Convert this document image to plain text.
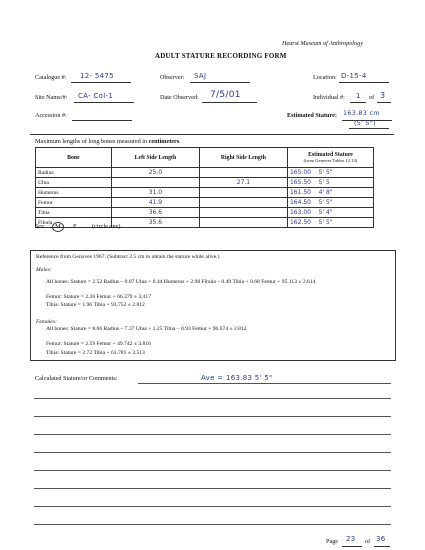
Hearst Museum of Anthropology
ADULT STATURE RECORDING FORM
Catalogue #: 12- 5475	Observer: SAJ	Location: D-15-4
Site Name/#: CA- Col-1	Date Observed: 7/5/01	Individual #: 1 of 3
Accession #:	Estimated Stature: 163.83 cm
(5' 5")
Maximum lengths of long bones measured in centimeters.
Bone	Left Side Length	Right Side Length	Estimated Stature
(from Genoves Tables 12,13)

Radius	25.0		165.00 5' 5"
Ulna		27.1	165.50 5' 5
Humerus	31.0		161.50 4' 8"
Femur	41.9		164.50 5' 5"
Tibia	36.6		163.00 5' 4"
Fibula	35.6		162.50 5' 5"
Sex: M F (circle one)
Reference from Genoves 1967. (Subtract 2.5 cm to obtain the stature while alive.)
Males:
All bones: Stature = 2.52 Radius – 0.07 Ulna + 0.44 Humerus + 2.98 Fibula – 0.49 Tibia + 0.68 Femur + 95.113 ± 2.614
Femur: Stature = 2.26 Femur + 66.379 ± 3.417
Tibia: Stature = 1.96 Tibia + 93.752 ± 2.812
Females:
All bones: Stature = 8.66 Radius – 7.37 Ulna + 1.25 Tibia – 0.93 Femur + 96.674 ± 2.812
Femur: Stature = 2.59 Femur + 49.742 ± 3.816
Tibia: Stature = 2.72 Tibia + 63.781 ± 3.513
Calculated Stature/or Comments:	Ave = 163.83 5' 5"
Page 23 of 36
